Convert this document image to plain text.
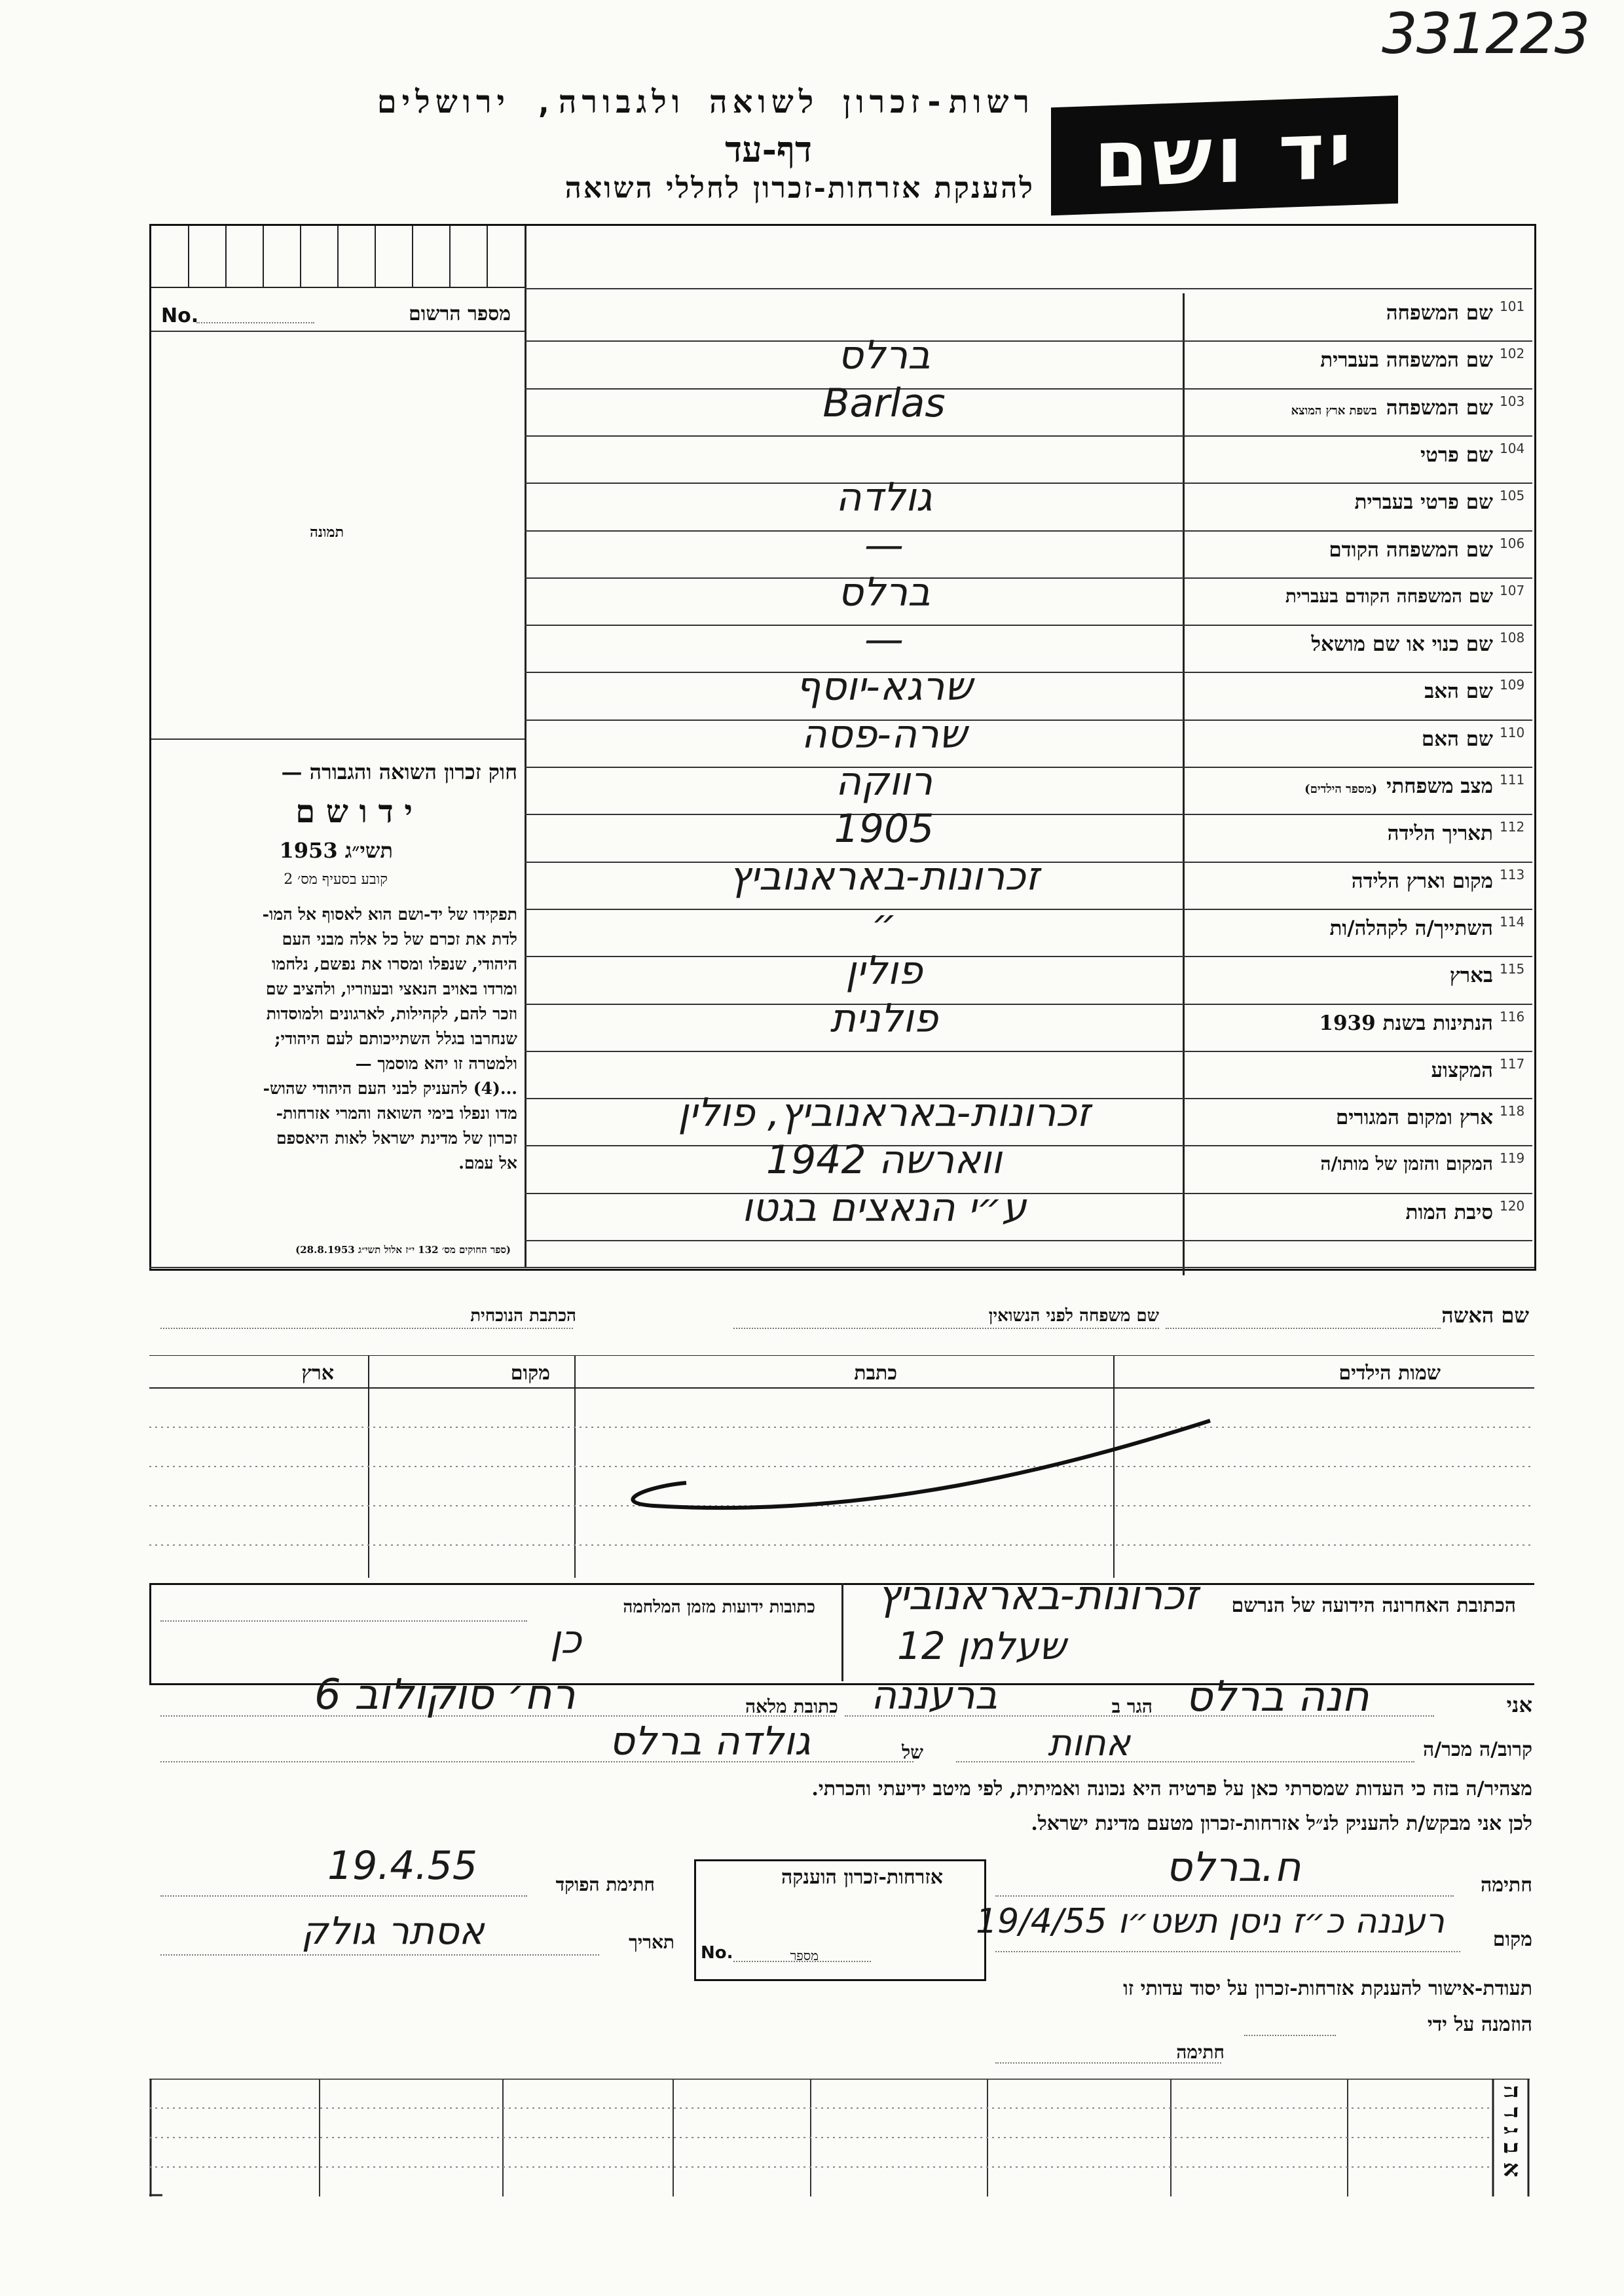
331223
רשות-זכרון לשואה ולגבורה, ירושלים
דף-עד
להענקת אזרחות-זכרון לחללי השואה יד ושם
No.	מספר הרשום
תמונה
חוק זכרון השואה והגבורה —
י ד ו ש ם
תשי״ג 1953
קובע בסעיף מס׳ 2
תפקידו של יד-ושם הוא לאסוף אל המו-
לדת את זכרם של כל אלה מבני העם
היהודי, שנפלו ומסרו את נפשם, נלחמו
ומרדו באויב הנאצי ובעוזריו, ולהציב שם
וזכר להם, לקהילות, לארגונים ולמוסדות
שנחרבו בגלל השתייכותם לעם היהודי;
ולמטרה זו יהא מוסמך —
...(4) להעניק לבני העם היהודי שהוש-
מדו ונפלו בימי השואה והמרי אזרחות-
זכרון של מדינת ישראל לאות היאספם
אל עמם.
(ספר החוקים מס׳ 132 י״ז אלול תשי״ג 28.8.1953)
101
שם המשפחה
102
שם המשפחה בעברית
ברלס
103
שם המשפחהבשפת ארץ המוצא
Barlas
104
שם פרטי
105
שם פרטי בעברית
גולדה
106
שם המשפחה הקודם
—
107
שם המשפחה הקודם בעברית
ברלס
108
שם כנוי או שם מושאל
—
109
שם האב
שרגא-יוסף
110
שם האם
שרה-פסה
111
מצב משפחתי(מספר הילדים)
רווקה
112
תאריך הלידה
1905
113
מקום וארץ הלידה
זכרונות-באראנוביץ
114
השתייך/ה לקהלה/ות
״
115
בארץ
פולין
116
הנתינות בשנת 1939
פולנית
117
המקצוע
118
ארץ ומקום המגורים
זכרונות-באראנוביץ, פולין
119
המקום והזמן של מותו/ה
ווארשה 1942
120
סיבת המות
ע״י הנאצים בגטו
שם האשה
שם משפחה לפני הנשואין
הכתבת הנוכחית
שמות הילדים
כתבת
מקום
ארץ
הכתובת האחרונה הידועה של הנרשם
זכרונות-באראנוביץ
שעלמן 12
כתובות ידועות מזמן המלחמה
כן
אני
חנה ברלס
הגר ב
ברעננה
כתובת מלאה
רח׳ סוקולוב 6
קרוב/ה מכר/ה
אחות
של
גולדה ברלס
מצהיר/ה בזה כי העדות שמסרתי כאן על פרטיה היא נכונה ואמיתית, לפי מיטב ידיעתי והכרתי.
לכן אני מבקש/ת להעניק לנ״ל אזרחות-זכרון מטעם מדינת ישראל.
חתימה
ח.ברלס
מקום
רעננה כ״ז ניסן תשט״ו 19/4/55
תעודת-אישור להענקת אזרחות-זכרון על יסוד עדותי זו
הוזמנה על ידי
חתימה
אזרחות-זכרון הוענקה
No.	מספר
חתימת הפוקד
19.4.55
תאריך
אסתר גולק
א ב ג ד ה
